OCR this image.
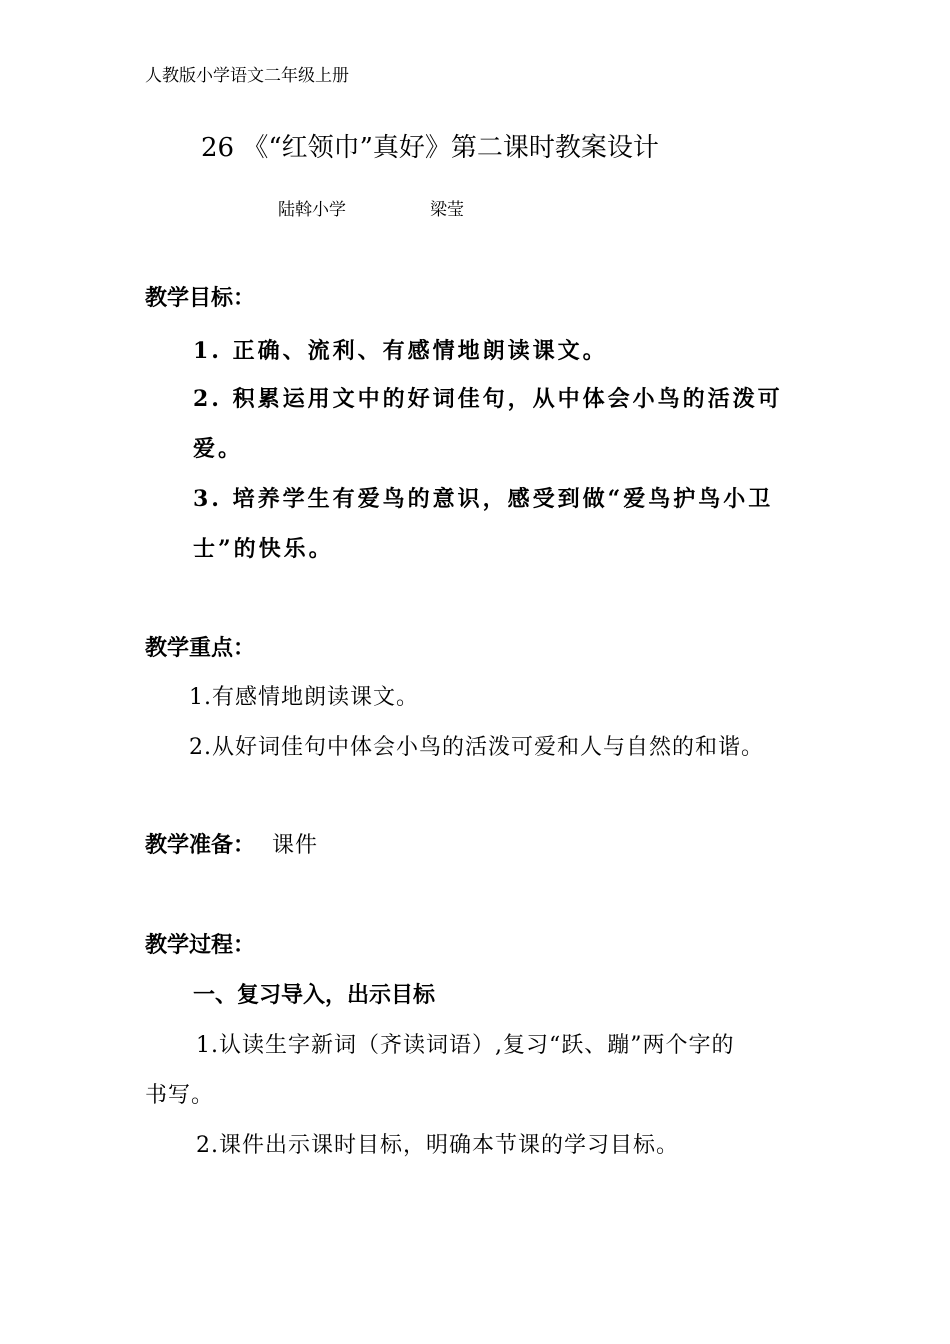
人教版小学语文二年级上册
26 《“红领巾”真好》第二课时教案设计
陆斡小学	梁莹
教学目标：
1. 正确、流利、有感情地朗读课文。
2. 积累运用文中的好词佳句，从中体会小鸟的活泼可
爱。
3. 培养学生有爱鸟的意识，感受到做“爱鸟护鸟小卫
士”的快乐。
教学重点：
1.有感情地朗读课文。
2.从好词佳句中体会小鸟的活泼可爱和人与自然的和谐。
教学准备： 课件
教学过程：
一、复习导入，出示目标
1.认读生字新词（齐读词语）,复习“跃、蹦”两个字的
书写。
2.课件出示课时目标，明确本节课的学习目标。
